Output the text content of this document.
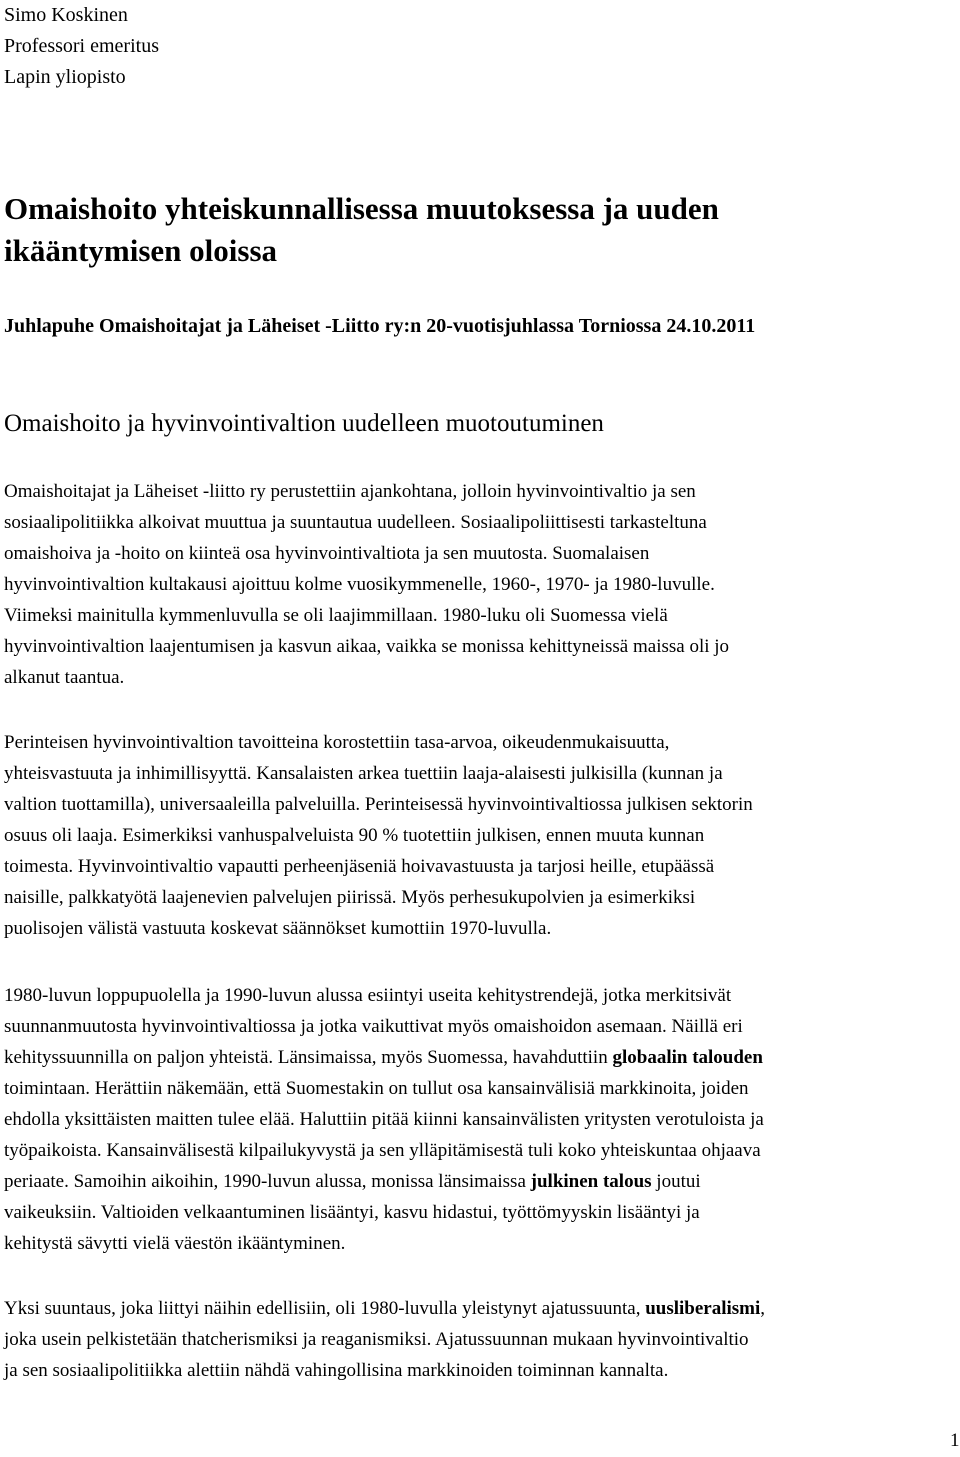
Simo Koskinen

Professori emeritus

Lapin yliopisto

Omaishoito yhteiskunnallisessa muutoksessa ja uuden
ikääntymisen oloissa

Juhlapuhe Omaishoitajat ja Läheiset -Liitto ry:n 20-vuotisjuhlassa Torniossa 24.10.2011

Omaishoito ja hyvinvointivaltion uudelleen muotoutuminen

Omaishoitajat ja Läheiset -liitto ry perustettiin ajankohtana, jolloin hyvinvointivaltio ja sen
sosiaalipolitiikka alkoivat muuttua ja suuntautua uudelleen. Sosiaalipoliittisesti tarkasteltuna
omaishoiva ja -hoito on kiinteä osa hyvinvointivaltiota ja sen muutosta. Suomalaisen
hyvinvointivaltion kultakausi ajoittuu kolme vuosikymmenelle, 1960-, 1970- ja 1980-luvulle.
Viimeksi mainitulla kymmenluvulla se oli laajimmillaan. 1980-luku oli Suomessa vielä
hyvinvointivaltion laajentumisen ja kasvun aikaa, vaikka se monissa kehittyneissä maissa oli jo
alkanut taantua.

Perinteisen hyvinvointivaltion tavoitteina korostettiin tasa-arvoa, oikeudenmukaisuutta,
yhteisvastuuta ja inhimillisyyttä. Kansalaisten arkea tuettiin laaja-alaisesti julkisilla (kunnan ja
valtion tuottamilla), universaaleilla palveluilla. Perinteisessä hyvinvointivaltiossa julkisen sektorin
osuus oli laaja. Esimerkiksi vanhuspalveluista 90 % tuotettiin julkisen, ennen muuta kunnan
toimesta. Hyvinvointivaltio vapautti perheenjäseniä hoivavastuusta ja tarjosi heille, etupäässä
naisille, palkkatyötä laajenevien palvelujen piirissä. Myös perhesukupolvien ja esimerkiksi
puolisojen välistä vastuuta koskevat säännökset kumottiin 1970-luvulla.

1980-luvun loppupuolella ja 1990-luvun alussa esiintyi useita kehitystrendejä, jotka merkitsivät
suunnanmuutosta hyvinvointivaltiossa ja jotka vaikuttivat myös omaishoidon asemaan. Näillä eri
kehityssuunnilla on paljon yhteistä. Länsimaissa, myös Suomessa, havahduttiin globaalin talouden
toimintaan. Herättiin näkemään, että Suomestakin on tullut osa kansainvälisiä markkinoita, joiden
ehdolla yksittäisten maitten tulee elää. Haluttiin pitää kiinni kansainvälisten yritysten verotuloista ja
työpaikoista. Kansainvälisestä kilpailukyvystä ja sen ylläpitämisestä tuli koko yhteiskuntaa ohjaava
periaate. Samoihin aikoihin, 1990-luvun alussa, monissa länsimaissa julkinen talous joutui
vaikeuksiin. Valtioiden velkaantuminen lisääntyi, kasvu hidastui, työttömyyskin lisääntyi ja
kehitystä sävytti vielä väestön ikääntyminen.

Yksi suuntaus, joka liittyi näihin edellisiin, oli 1980-luvulla yleistynyt ajatussuunta, uusliberalismi,
joka usein pelkistetään thatcherismiksi ja reaganismiksi. Ajatussuunnan mukaan hyvinvointivaltio
ja sen sosiaalipolitiikka alettiin nähdä vahingollisina markkinoiden toiminnan kannalta.

1
